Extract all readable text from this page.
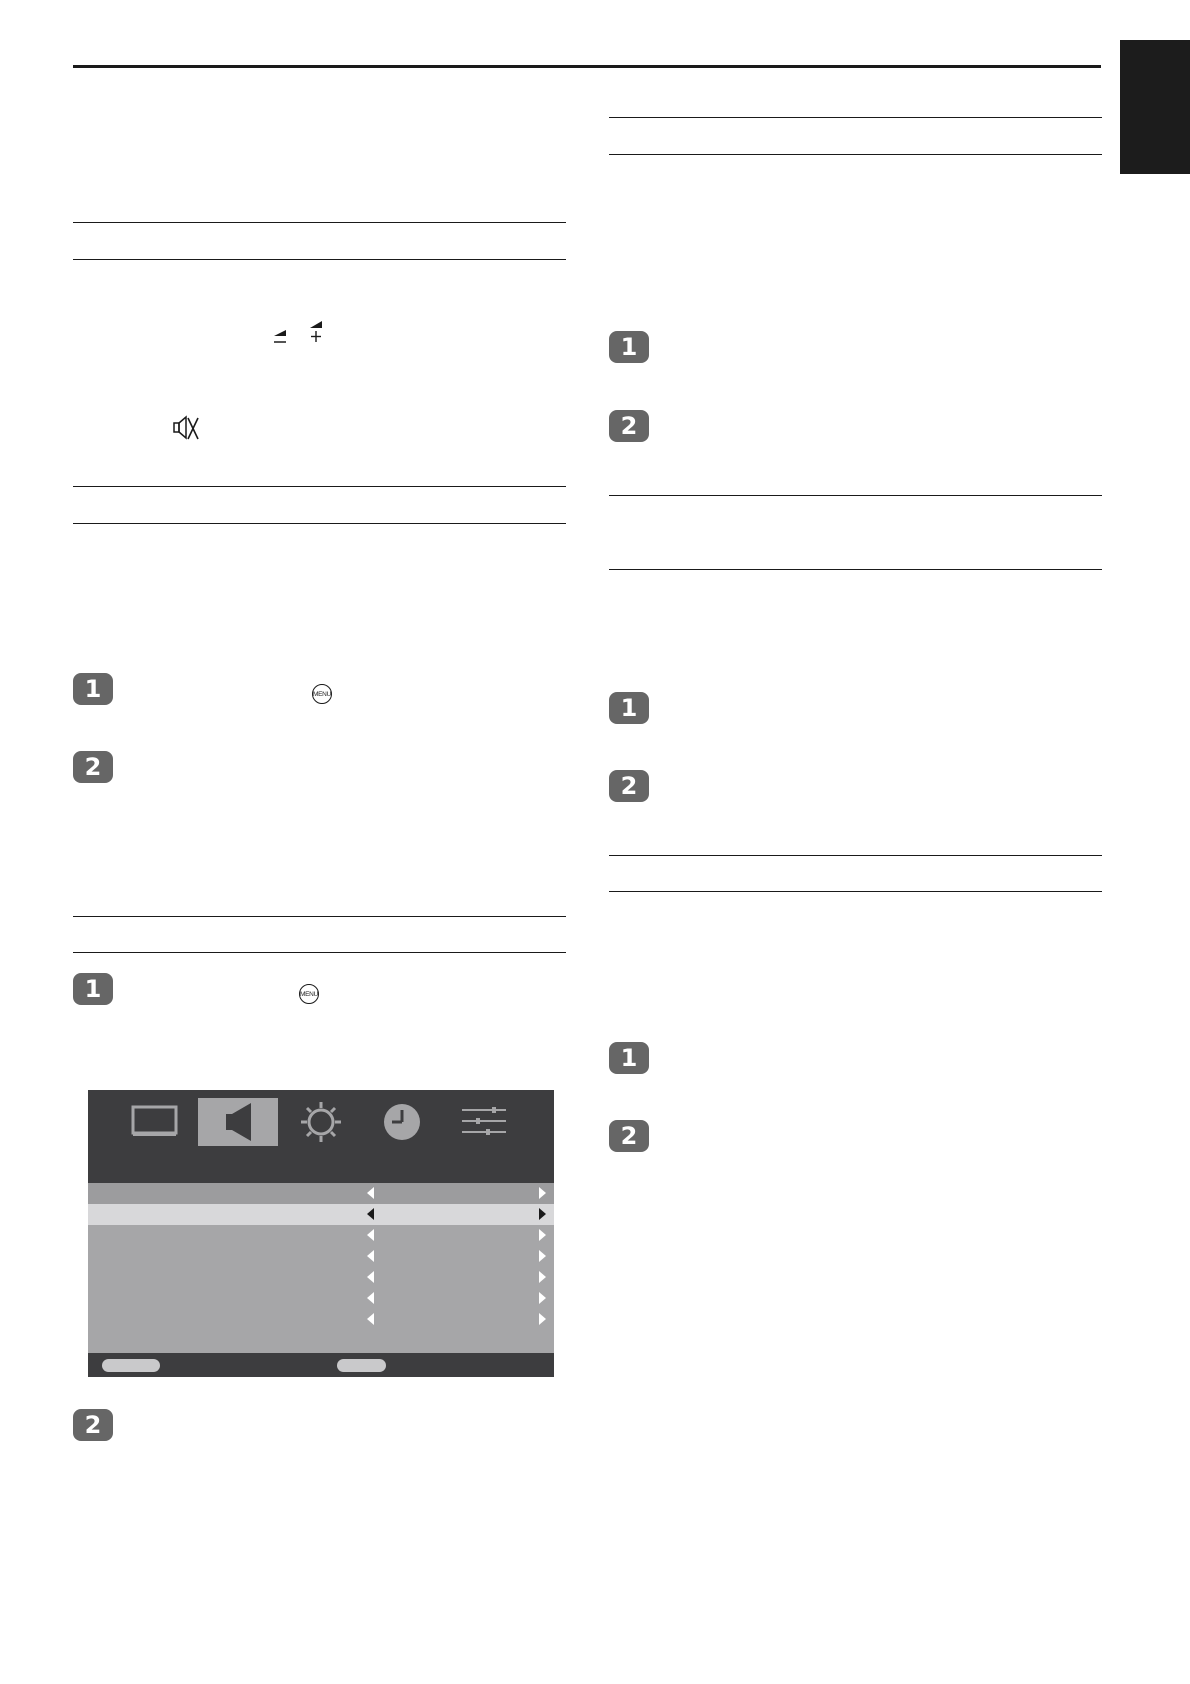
1	MENU
2
1	MENU
2
1
2
1
2
1
2
